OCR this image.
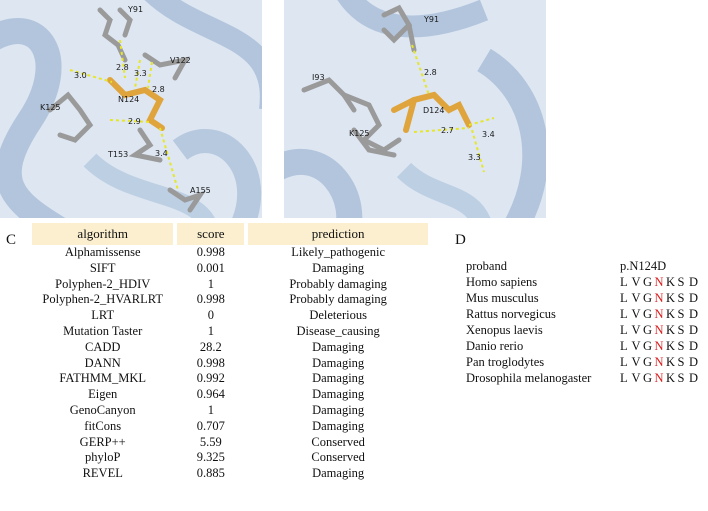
C	D
Y91
V122
K125
N124
T153
A155
3.0
2.8
3.3
2.8
2.9
3.4
Y91
I93
K125
D124
2.8
2.7	3.4
3.3
algorithm	score	prediction
Alphamissense	0.998	Likely_pathogenic
SIFT	0.001	Damaging
Polyphen-2_HDIV	1	Probably damaging
Polyphen-2_HVARLRT	0.998	Probably damaging
LRT	0	Deleterious
Mutation Taster	1	Disease_causing
CADD	28.2	Damaging
DANN	0.998	Damaging
FATHMM_MKL	0.992	Damaging
Eigen	0.964	Damaging
GenoCanyon	1	Damaging
fitCons	0.707	Damaging
GERP++	5.59	Conserved
phyloP	9.325	Conserved
REVEL	0.885	Damaging
proband	p.N124D
Homo sapiens	L V G N K S D
Mus musculus	L V G N K S D
Rattus norvegicus	L V G N K S D
Xenopus laevis	L V G N K S D
Danio rerio	L V G N K S D
Pan troglodytes	L V G N K S D
Drosophila melanogaster	L V G N K S D
